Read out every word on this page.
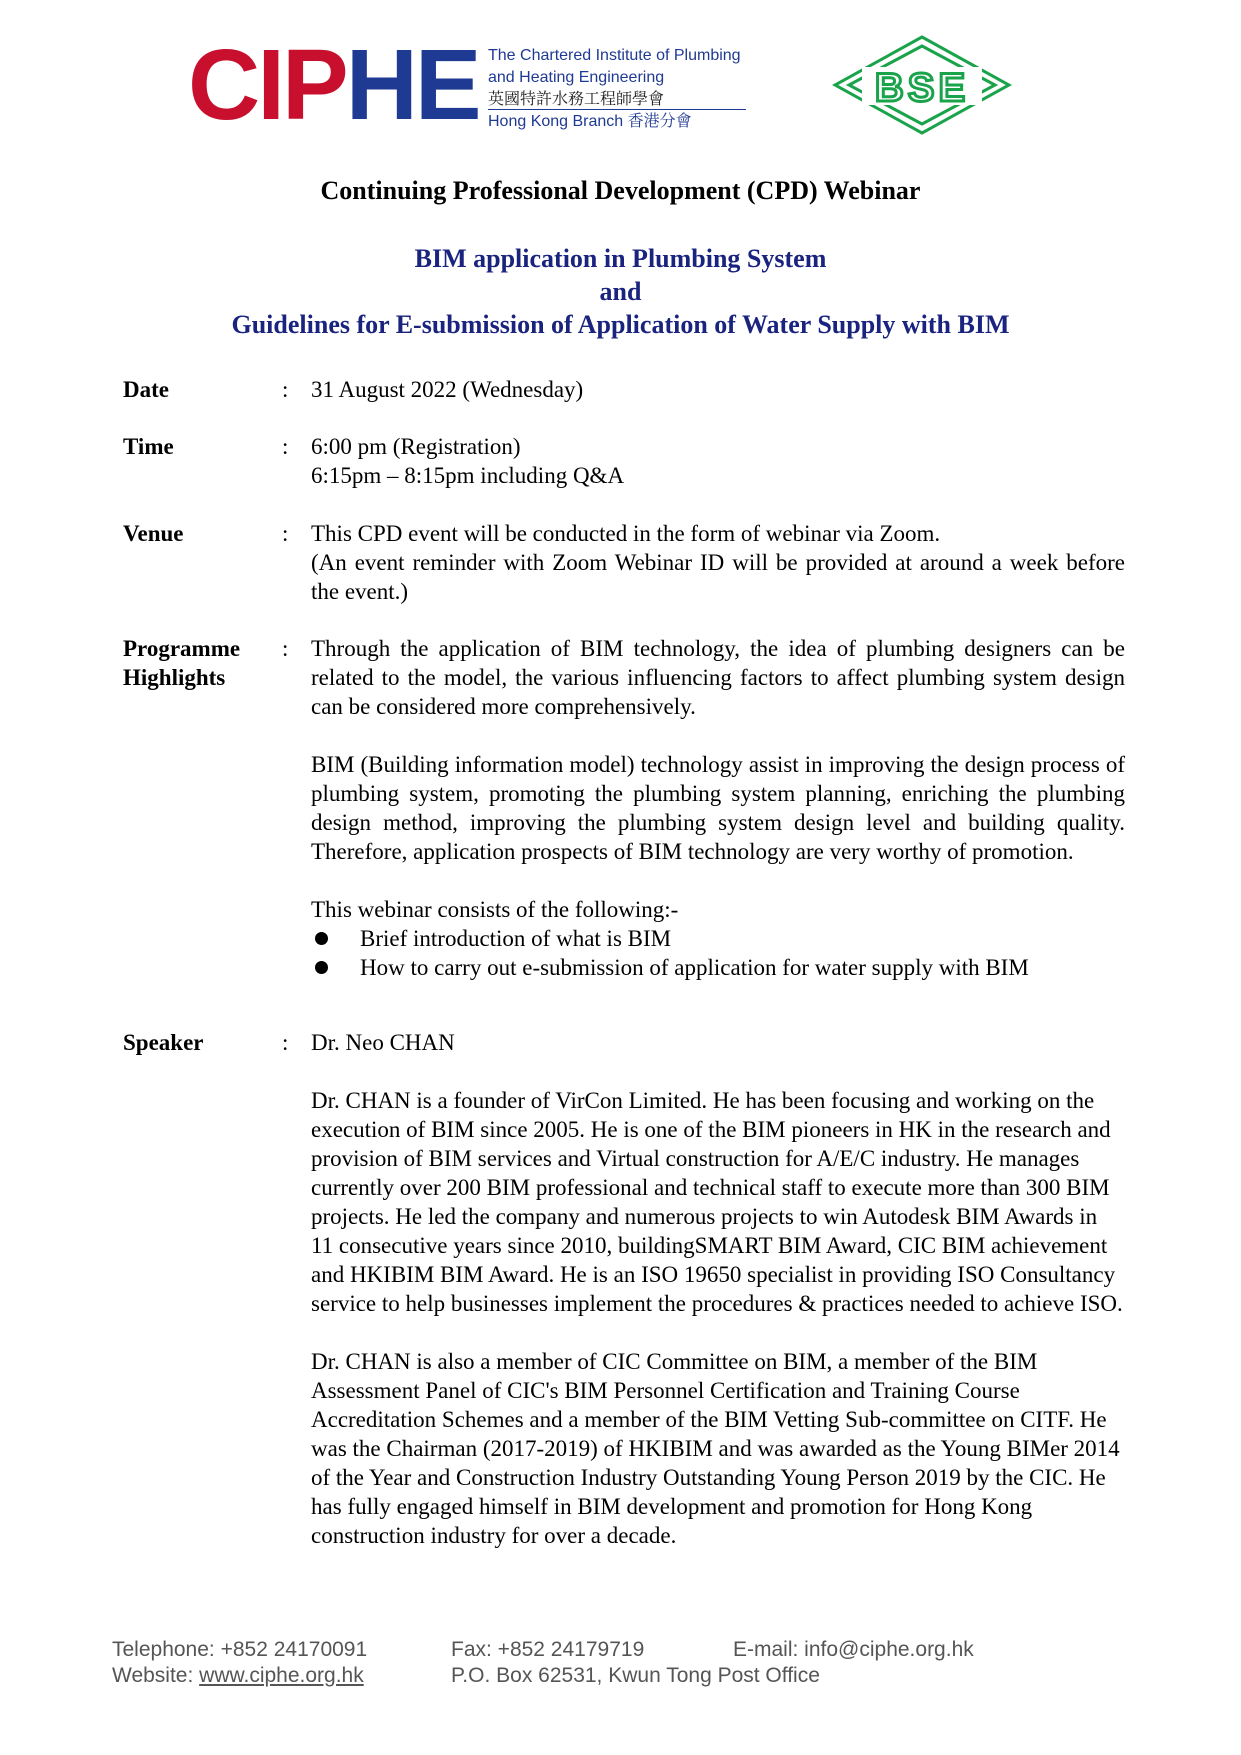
CIPHE The Chartered Institute of Plumbing
and Heating Engineering
英國特許水務工程師學會
Hong Kong Branch 香港分會
BSE
Continuing Professional Development (CPD) Webinar
BIM application in Plumbing System
and
Guidelines for E-submission of Application of Water Supply with BIM
Date	: 31 August 2022 (Wednesday)
Time	: 6:00 pm (Registration)
6:15pm – 8:15pm including Q&A
Venue	: This CPD event will be conducted in the form of webinar via Zoom.
(An event reminder with Zoom Webinar ID will be provided at around a week before the event.)
Programme
Highlights
: Through the application of BIM technology, the idea of plumbing designers can be related to the model, the various influencing factors to affect plumbing system design can be considered more comprehensively.

BIM (Building information model) technology assist in improving the design process of plumbing system, promoting the plumbing system planning, enriching the plumbing design method, improving the plumbing system design level and building quality. Therefore, application prospects of BIM technology are very worthy of promotion.

This webinar consists of the following:-
Brief introduction of what is BIM
How to carry out e-submission of application for water supply with BIM
Speaker	: Dr. Neo CHAN

Dr. CHAN is a founder of VirCon Limited. He has been focusing and working on the execution of BIM since 2005. He is one of the BIM pioneers in HK in the research and provision of BIM services and Virtual construction for A/E/C industry. He manages currently over 200 BIM professional and technical staff to execute more than 300 BIM projects. He led the company and numerous projects to win Autodesk BIM Awards in 11 consecutive years since 2010, buildingSMART BIM Award, CIC BIM achievement and HKIBIM BIM Award. He is an ISO 19650 specialist in providing ISO Consultancy service to help businesses implement the procedures & practices needed to achieve ISO.

Dr. CHAN is also a member of CIC Committee on BIM, a member of the BIM Assessment Panel of CIC's BIM Personnel Certification and Training Course Accreditation Schemes and a member of the BIM Vetting Sub-committee on CITF. He was the Chairman (2017-2019) of HKIBIM and was awarded as the Young BIMer 2014 of the Year and Construction Industry Outstanding Young Person 2019 by the CIC. He has fully engaged himself in BIM development and promotion for Hong Kong construction industry for over a decade.

Telephone: +852 24170091
Website: www.ciphe.org.hk
Fax: +852 24179719
P.O. Box 62531, Kwun Tong Post Office
E-mail: info@ciphe.org.hk
